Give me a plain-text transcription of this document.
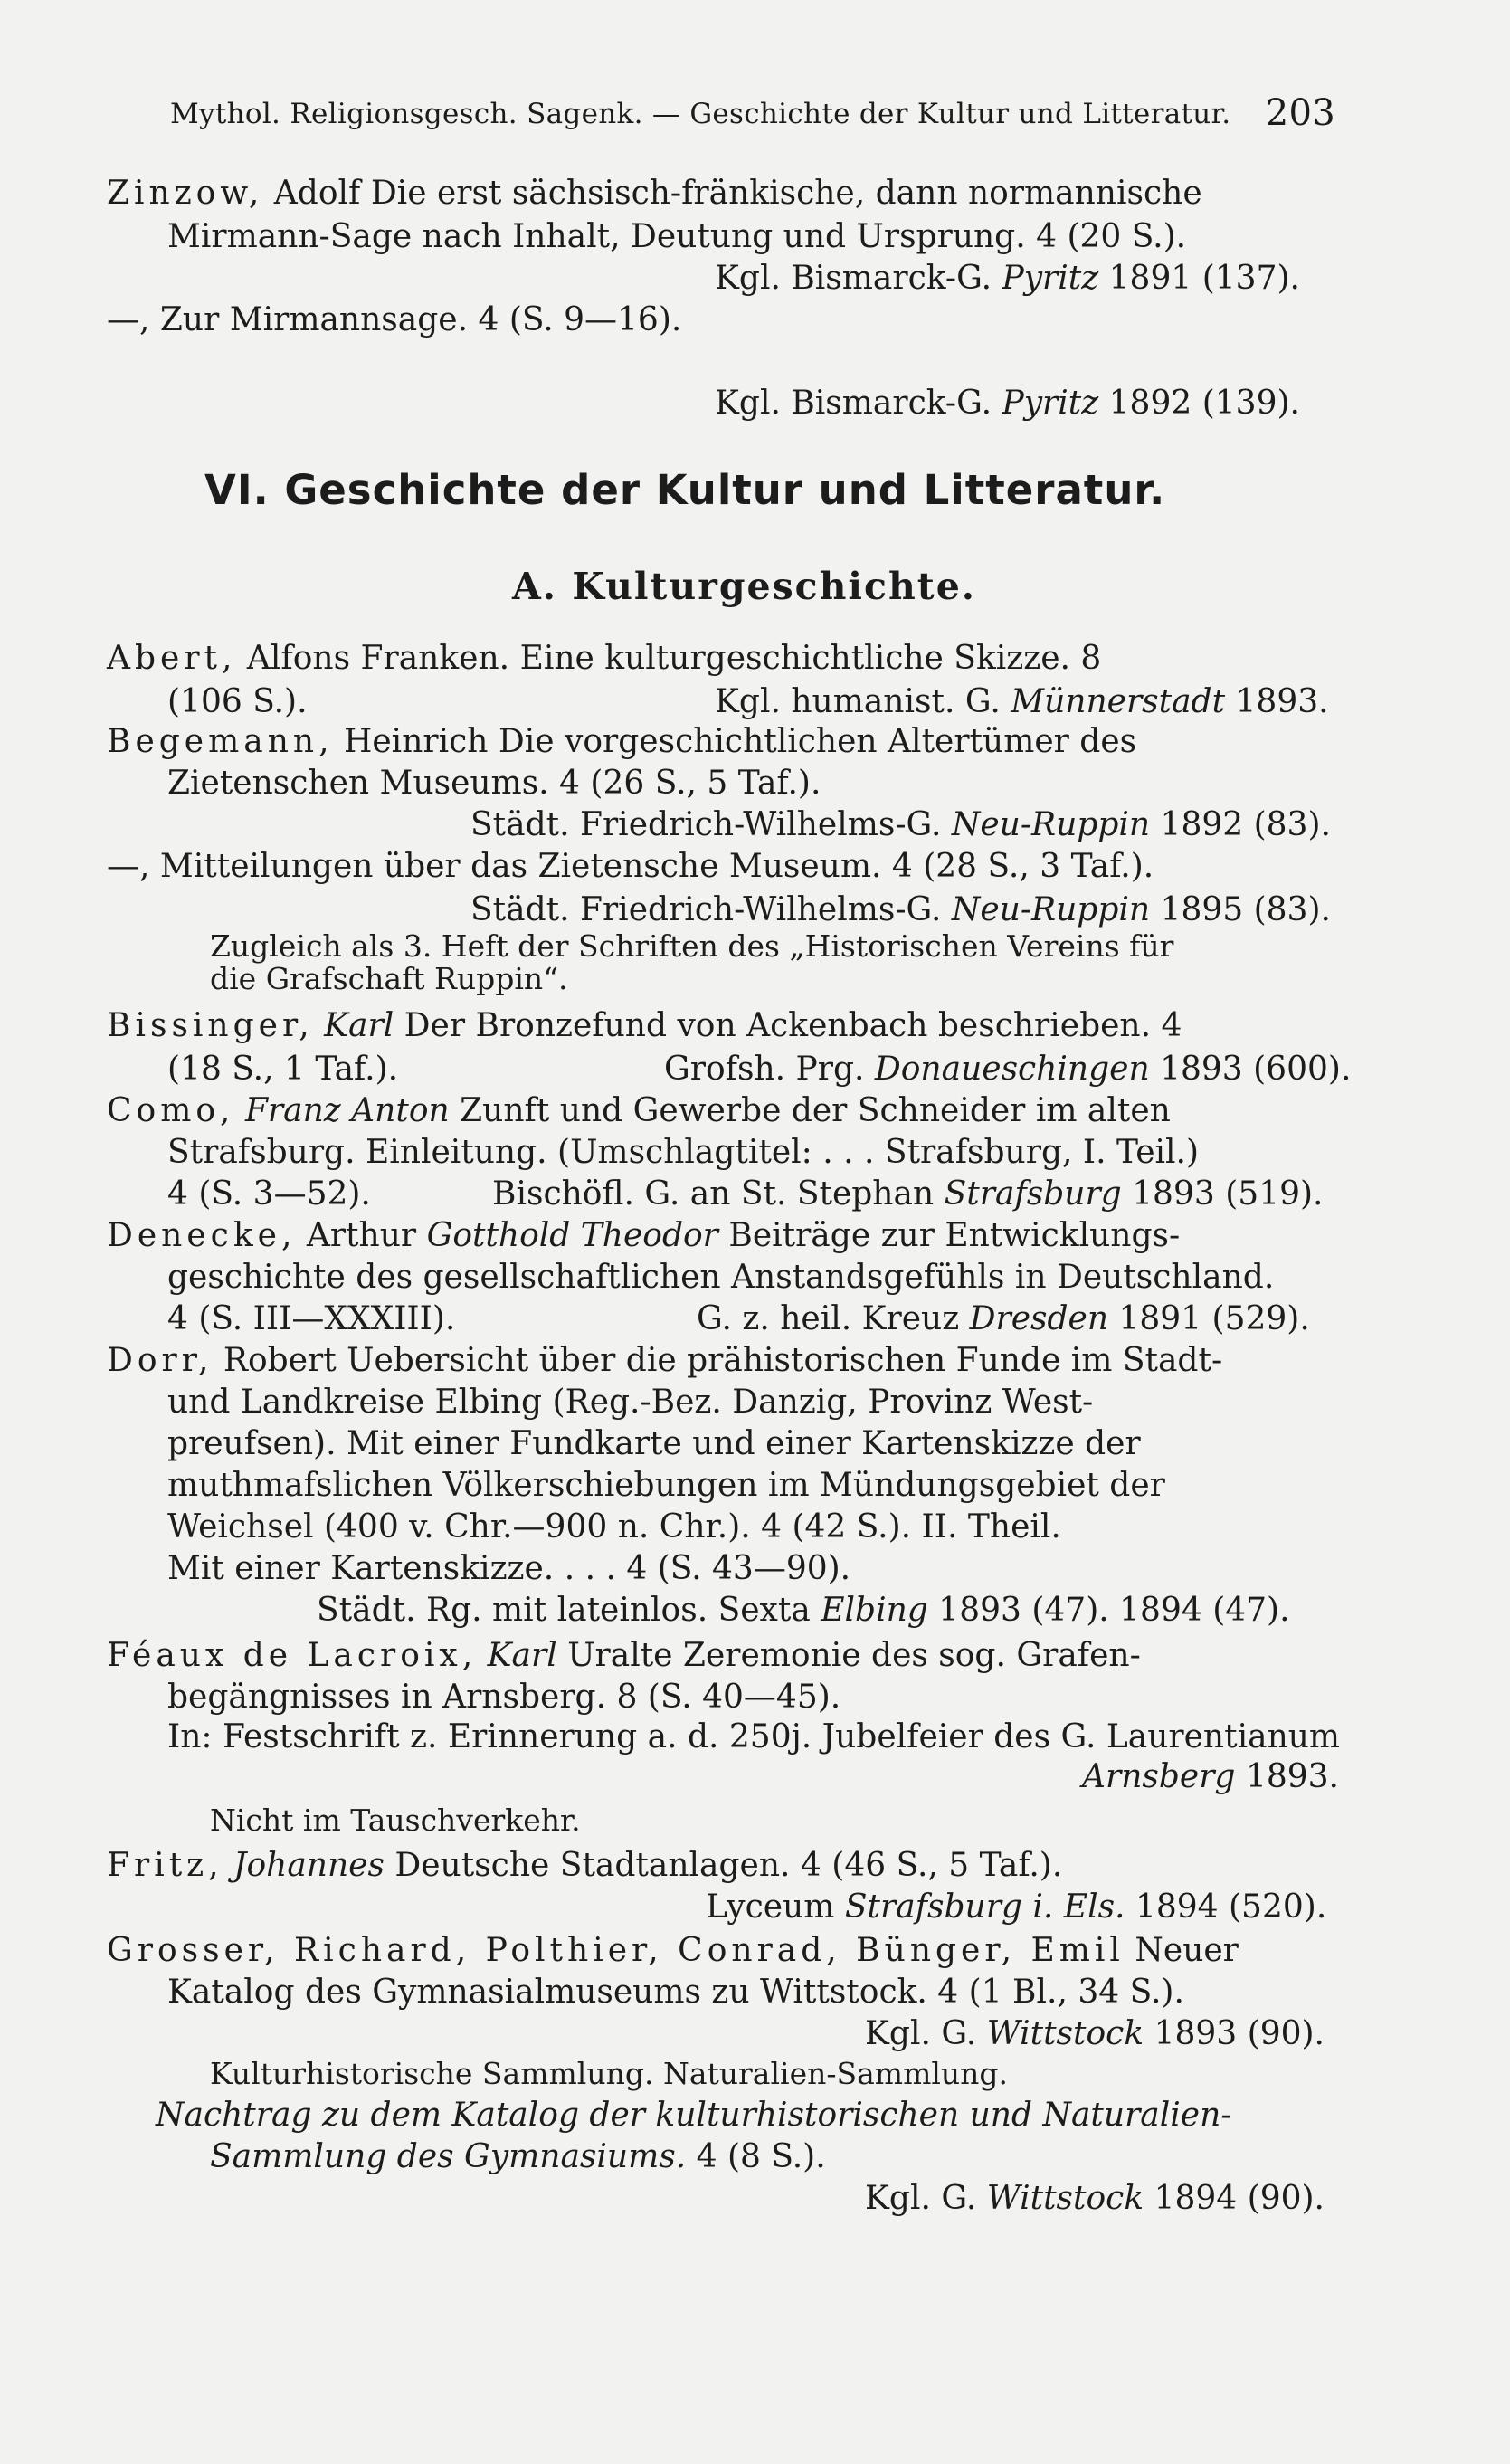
Mythol. Religionsgesch. Sagenk. — Geschichte der Kultur und Litteratur. 203
Zinzow, Adolf Die erst sächsisch-fränkische, dann normannische
Mirmann-Sage nach Inhalt, Deutung und Ursprung. 4 (20 S.).
Kgl. Bismarck-G. Pyritz 1891 (137).
—, Zur Mirmannsage. 4 (S. 9—16).
Kgl. Bismarck-G. Pyritz 1892 (139).
VI. Geschichte der Kultur und Litteratur.
A. Kulturgeschichte.
Abert, Alfons Franken. Eine kulturgeschichtliche Skizze. 8
(106 S.).	Kgl. humanist. G. Münnerstadt 1893.
Begemann, Heinrich Die vorgeschichtlichen Altertümer des
Zietenschen Museums. 4 (26 S., 5 Taf.).
Städt. Friedrich-Wilhelms-G. Neu-Ruppin 1892 (83).
—, Mitteilungen über das Zietensche Museum. 4 (28 S., 3 Taf.).
Städt. Friedrich-Wilhelms-G. Neu-Ruppin 1895 (83).
Zugleich als 3. Heft der Schriften des „Historischen Vereins für
die Grafschaft Ruppin“.
Bissinger, Karl Der Bronzefund von Ackenbach beschrieben. 4
(18 S., 1 Taf.).	Grofsh. Prg. Donaueschingen 1893 (600).
Como, Franz Anton Zunft und Gewerbe der Schneider im alten
Strafsburg. Einleitung. (Umschlagtitel: . . . Strafsburg, I. Teil.)
4 (S. 3—52).	Bischöfl. G. an St. Stephan Strafsburg 1893 (519).
Denecke, Arthur Gotthold Theodor Beiträge zur Entwicklungs-
geschichte des gesellschaftlichen Anstandsgefühls in Deutschland.
4 (S. III—XXXIII).	G. z. heil. Kreuz Dresden 1891 (529).
Dorr, Robert Uebersicht über die prähistorischen Funde im Stadt-
und Landkreise Elbing (Reg.-Bez. Danzig, Provinz West-
preufsen). Mit einer Fundkarte und einer Kartenskizze der
muthmafslichen Völkerschiebungen im Mündungsgebiet der
Weichsel (400 v. Chr.—900 n. Chr.). 4 (42 S.). II. Theil.
Mit einer Kartenskizze. . . . 4 (S. 43—90).
Städt. Rg. mit lateinlos. Sexta Elbing 1893 (47). 1894 (47).
Féaux de Lacroix, Karl Uralte Zeremonie des sog. Grafen-
begängnisses in Arnsberg. 8 (S. 40—45).
In: Festschrift z. Erinnerung a. d. 250j. Jubelfeier des G. Laurentianum
Arnsberg 1893.
Nicht im Tauschverkehr.
Fritz, Johannes Deutsche Stadtanlagen. 4 (46 S., 5 Taf.).
Lyceum Strafsburg i. Els. 1894 (520).
Grosser, Richard, Polthier, Conrad, Bünger, Emil Neuer
Katalog des Gymnasialmuseums zu Wittstock. 4 (1 Bl., 34 S.).
Kgl. G. Wittstock 1893 (90).
Kulturhistorische Sammlung. Naturalien-Sammlung.
Nachtrag zu dem Katalog der kulturhistorischen und Naturalien-
Sammlung des Gymnasiums. 4 (8 S.).
Kgl. G. Wittstock 1894 (90).
